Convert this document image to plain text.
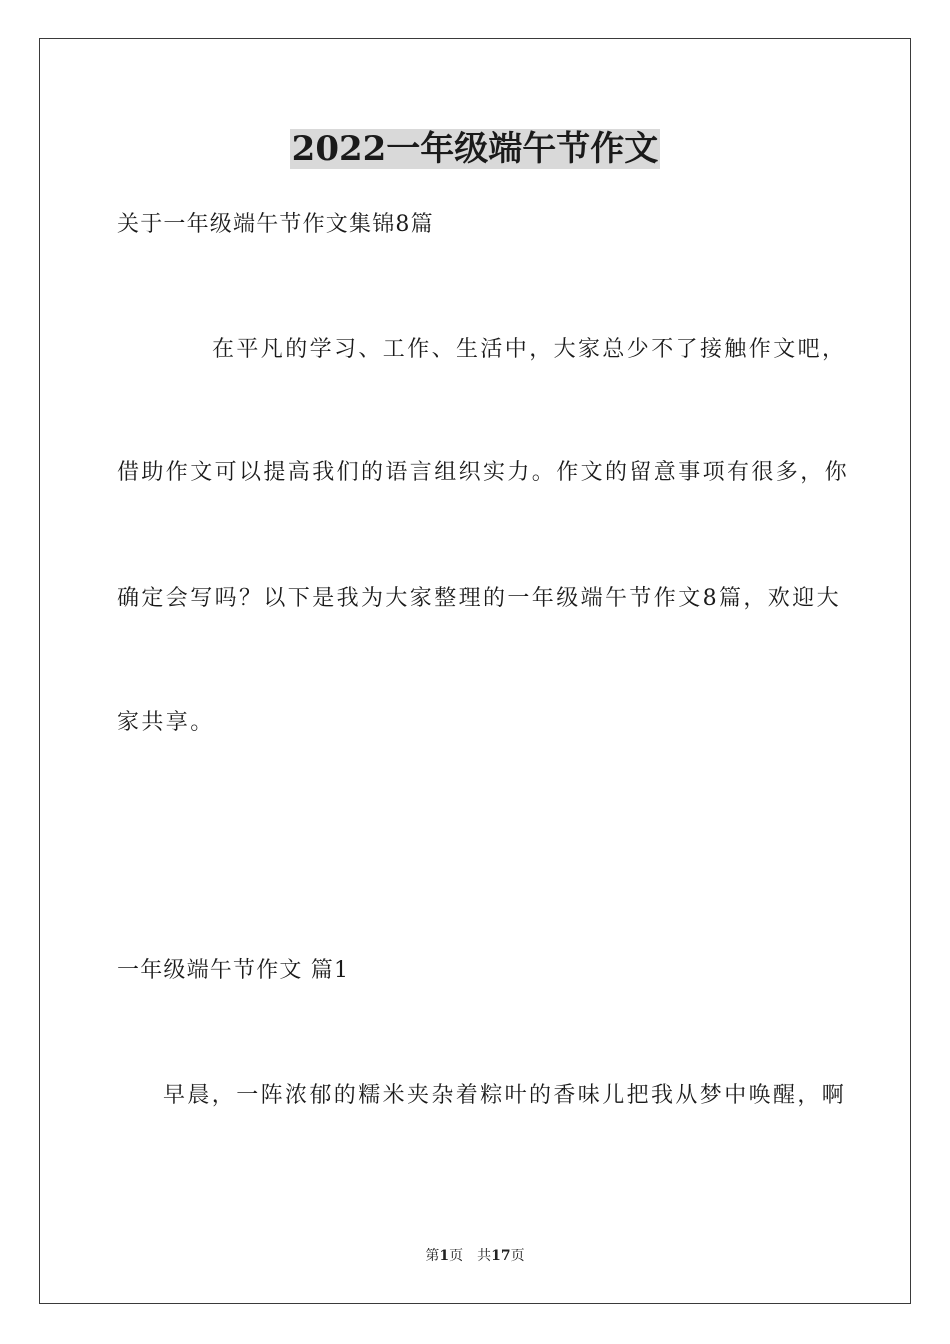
2022一年级端午节作文
关于一年级端午节作文集锦8篇
在平凡的学习、工作、生活中，大家总少不了接触作文吧，
借助作文可以提高我们的语言组织实力。作文的留意事项有很多，你
确定会写吗？以下是我为大家整理的一年级端午节作文8篇，欢迎大
家共享。
一年级端午节作文 篇1
早晨，一阵浓郁的糯米夹杂着粽叶的香味儿把我从梦中唤醒，啊
第1页 共17页
